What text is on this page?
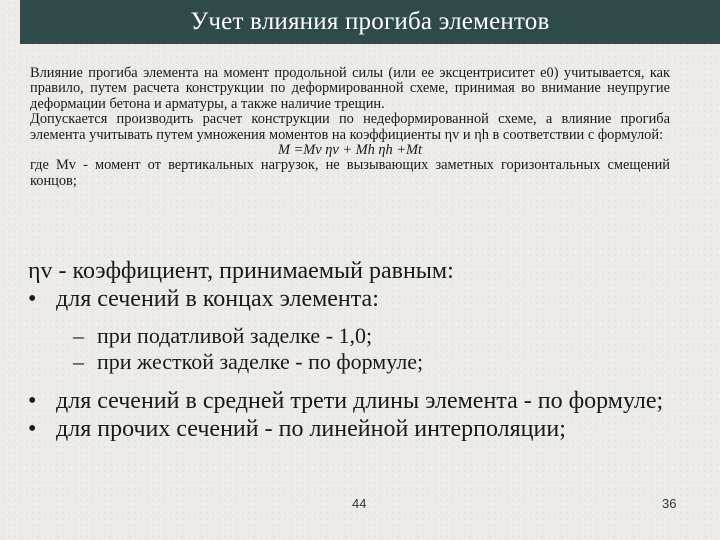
Учет влияния прогиба элементов

Влияние прогиба элемента на момент продольной силы (или ее эксцентриситет e0) учитывается, как правило, путем расчета конструкции по деформированной схеме, принимая во внимание неупругие деформации бетона и арматуры, а также наличие трещин.

Допускается производить расчет конструкции по недеформированной схеме, а влияние прогиба элемента учитывать путем умножения моментов на коэффициенты ηv и ηh в соответствии с формулой:

M =Mv ηv + Mh ηh +Mt

где Mv - момент от вертикальных нагрузок, не вызывающих заметных горизонтальных смещений концов;

ηv - коэффициент, принимаемый равным:
• для сечений в концах элемента:
– при податливой заделке - 1,0;
– при жесткой заделке - по формуле;
• для сечений в средней трети длины элемента - по формуле;
• для прочих сечений - по линейной интерполяции;
44	36
